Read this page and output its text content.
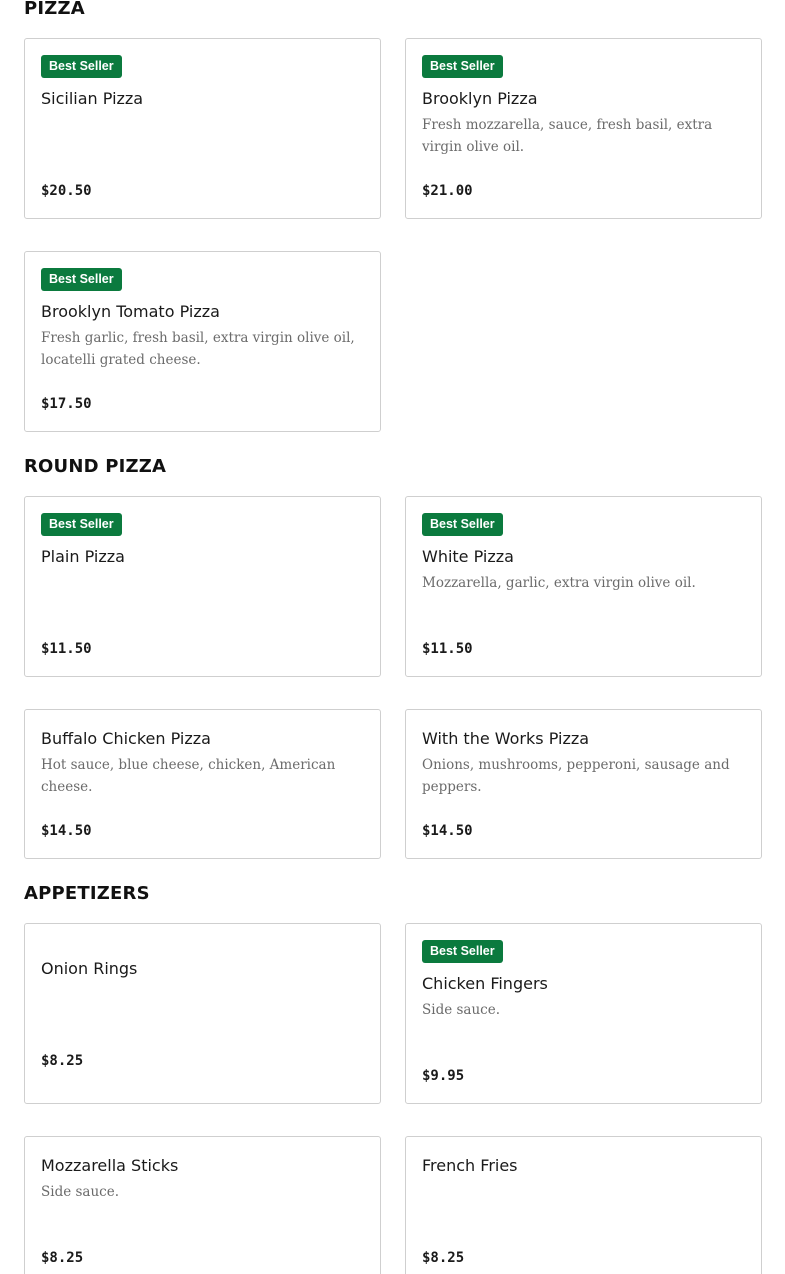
PIZZA
Best Seller
Sicilian Pizza
$20.50
Best Seller
Brooklyn Pizza
Fresh mozzarella, sauce, fresh basil, extra virgin olive oil.
$21.00
Best Seller
Brooklyn Tomato Pizza
Fresh garlic, fresh basil, extra virgin olive oil, locatelli grated cheese.
$17.50
ROUND PIZZA
Best Seller
Plain Pizza
$11.50
Best Seller
White Pizza
Mozzarella, garlic, extra virgin olive oil.
$11.50
Buffalo Chicken Pizza
Hot sauce, blue cheese, chicken, American cheese.
$14.50
With the Works Pizza
Onions, mushrooms, pepperoni, sausage and peppers.
$14.50
APPETIZERS
Onion Rings
$8.25
Best Seller
Chicken Fingers
Side sauce.
$9.95
Mozzarella Sticks
Side sauce.
$8.25
French Fries
$8.25
